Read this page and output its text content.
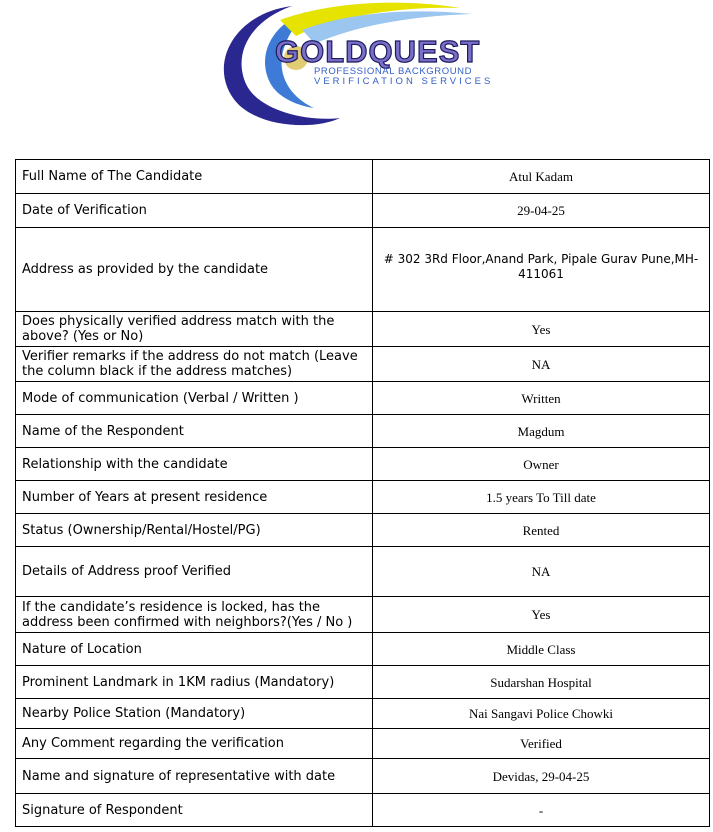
GOLDQUEST
PROFESSIONAL BACKGROUND
VERIFICATION SERVICES
Full Name of The Candidate	Atul Kadam
Date of Verification	29-04-25
Address as provided by the candidate	# 302 3Rd Floor,Anand Park, Pipale Gurav Pune,MH-411061
Does physically verified address match with the above? (Yes or No)	Yes
Verifier remarks if the address do not match (Leave the column black if the address matches)	NA
Mode of communication (Verbal / Written )	Written
Name of the Respondent	Magdum
Relationship with the candidate	Owner
Number of Years at present residence	1.5 years To Till date
Status (Ownership/Rental/Hostel/PG)	Rented
Details of Address proof Verified	NA
If the candidate’s residence is locked, has the address been confirmed with neighbors?(Yes / No )	Yes
Nature of Location	Middle Class
Prominent Landmark in 1KM radius (Mandatory)	Sudarshan Hospital
Nearby Police Station (Mandatory)	Nai Sangavi Police Chowki
Any Comment regarding the verification	Verified
Name and signature of representative with date	Devidas, 29-04-25
Signature of Respondent	-
